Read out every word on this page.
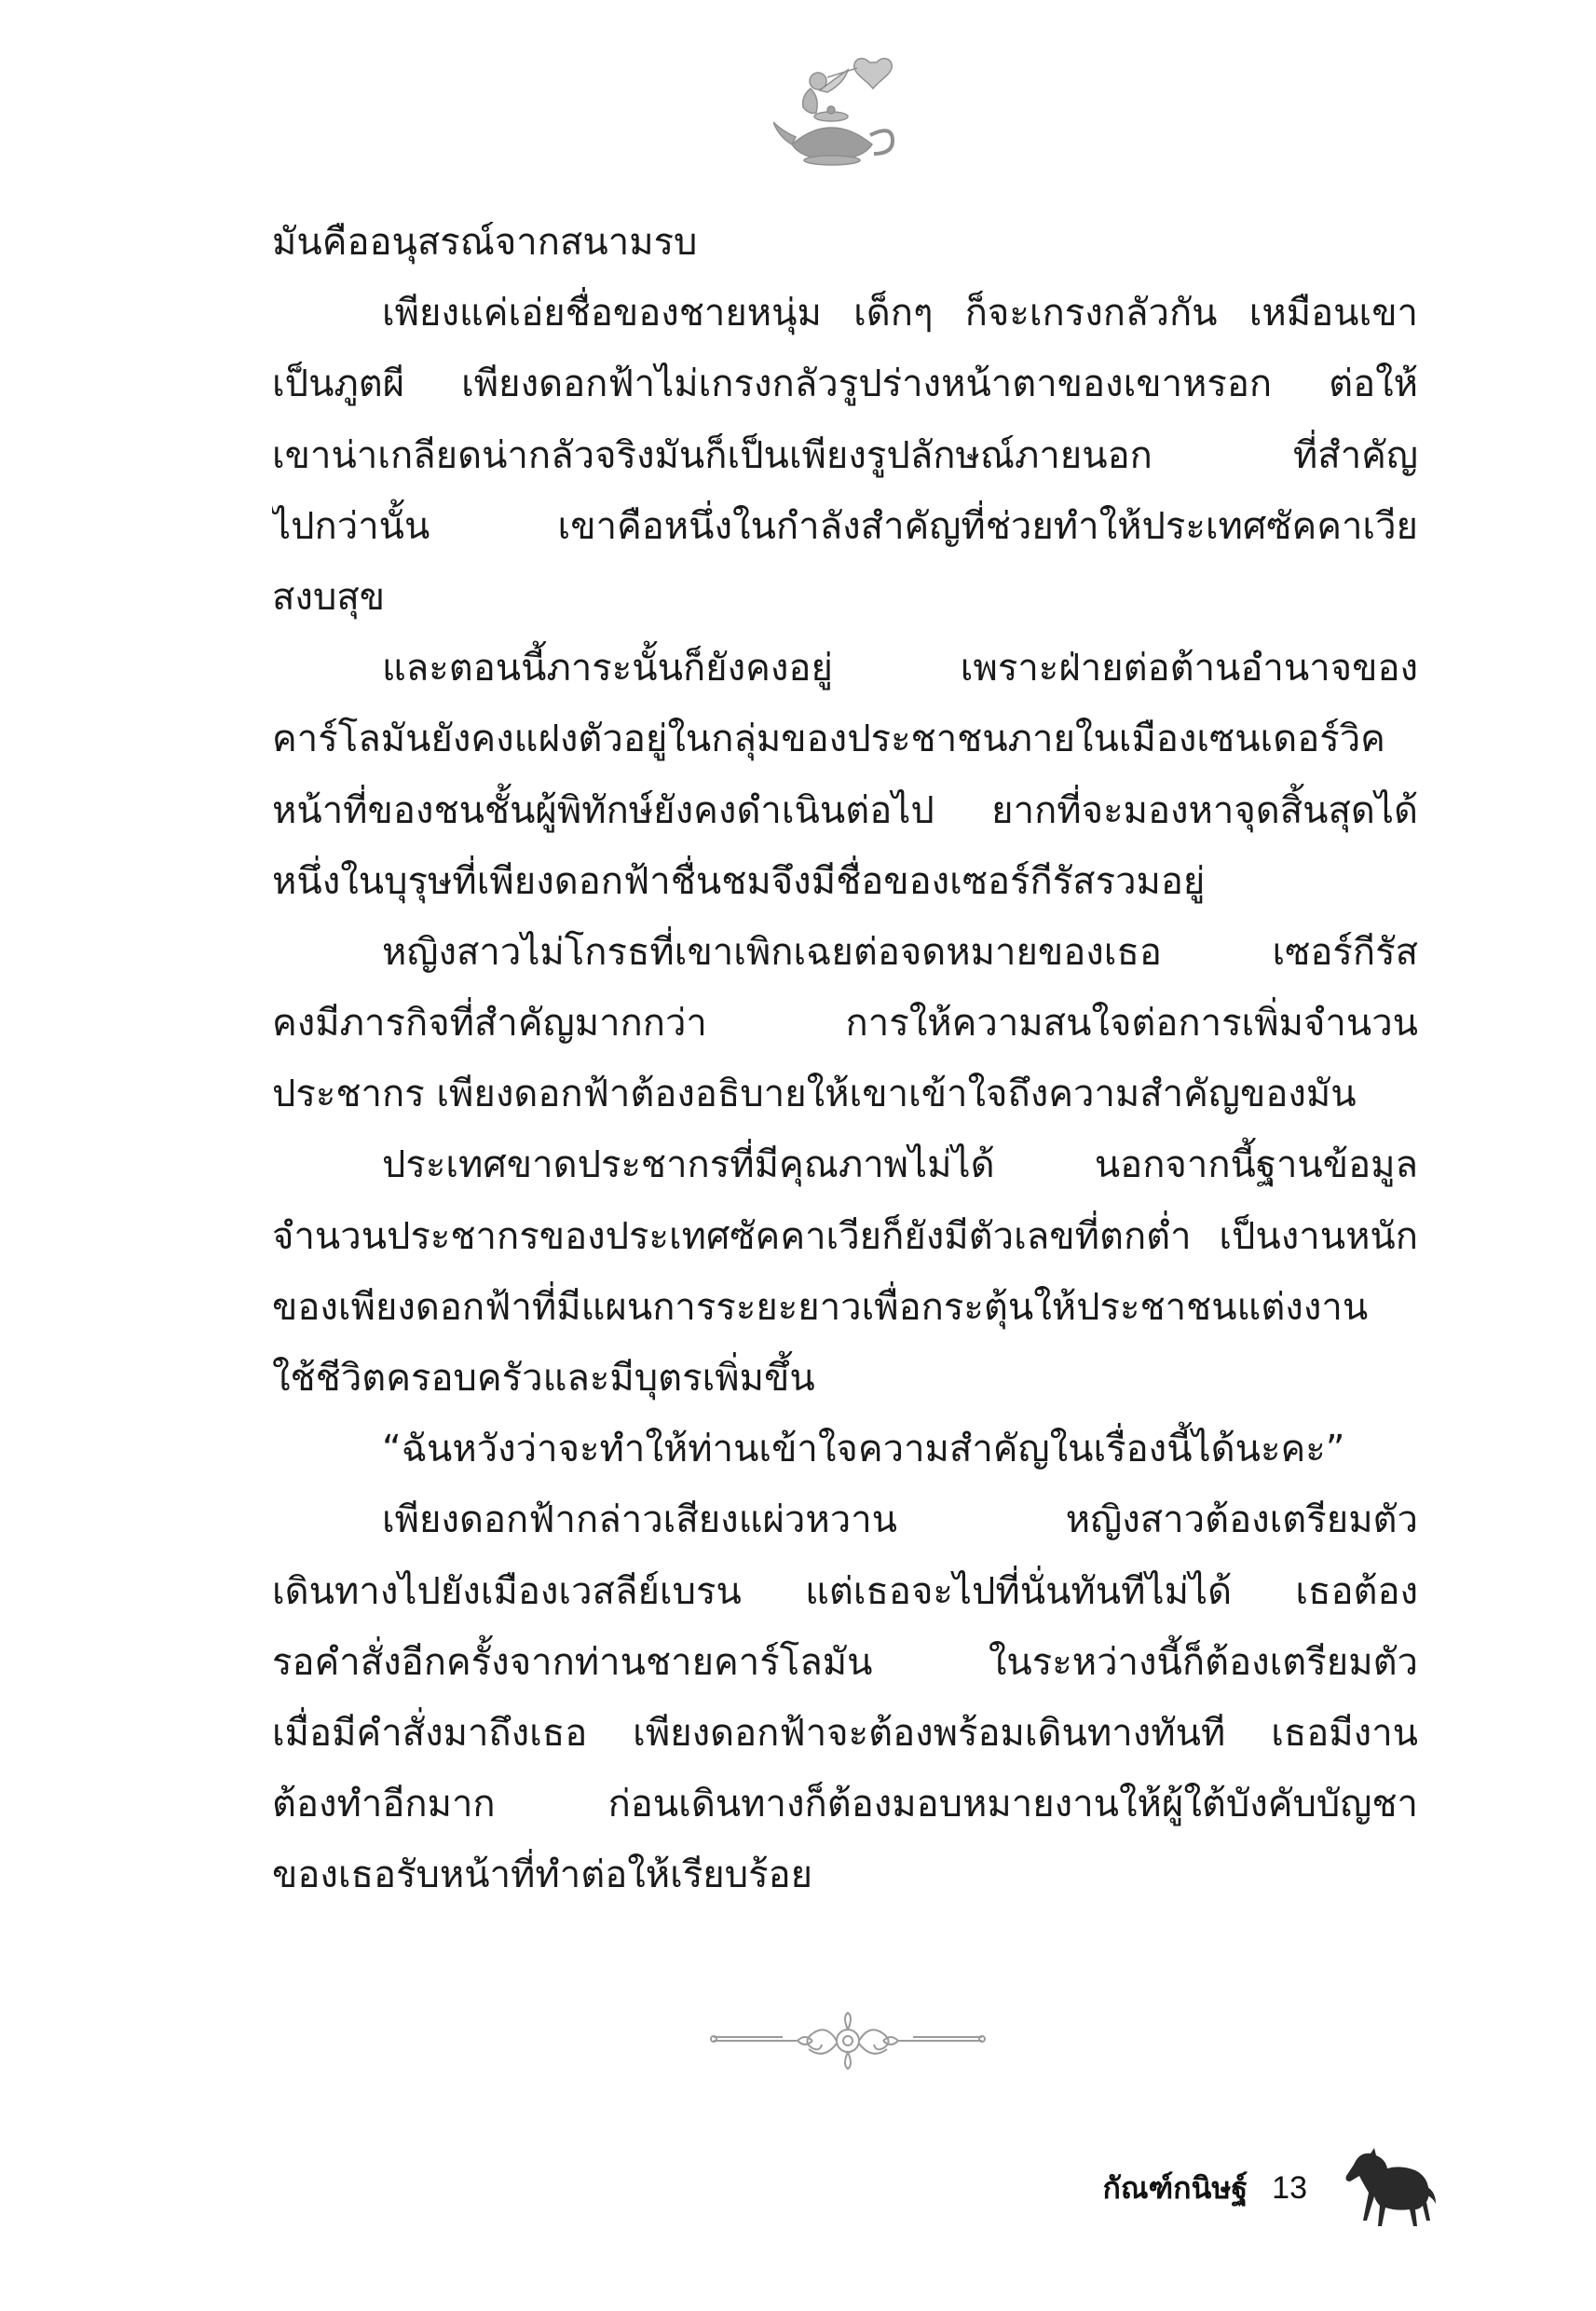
มันคืออนุสรณ์จากสนามรบ
เพียงแค่เอ่ยชื่อของชายหนุ่ม เด็กๆ ก็จะเกรงกลัวกัน เหมือนเขา
เป็นภูตผี เพียงดอกฟ้าไม่เกรงกลัวรูปร่างหน้าตาของเขาหรอก ต่อให้
เขาน่าเกลียดน่ากลัวจริงมันก็เป็นเพียงรูปลักษณ์ภายนอก ที่สำคัญ
ไปกว่านั้น เขาคือหนึ่งในกำลังสำคัญที่ช่วยทำให้ประเทศซัคคาเวีย
สงบสุข
และตอนนี้ภาระนั้นก็ยังคงอยู่ เพราะฝ่ายต่อต้านอำนาจของ
คาร์โลมันยังคงแฝงตัวอยู่ในกลุ่มของประชาชนภายในเมืองเซนเดอร์วิค
หน้าที่ของชนชั้นผู้พิทักษ์ยังคงดำเนินต่อไป ยากที่จะมองหาจุดสิ้นสุดได้
หนึ่งในบุรุษที่เพียงดอกฟ้าชื่นชมจึงมีชื่อของเซอร์กีรัสรวมอยู่
หญิงสาวไม่โกรธที่เขาเพิกเฉยต่อจดหมายของเธอ เซอร์กีรัส
คงมีภารกิจที่สำคัญมากกว่า การให้ความสนใจต่อการเพิ่มจำนวน
ประชากร เพียงดอกฟ้าต้องอธิบายให้เขาเข้าใจถึงความสำคัญของมัน
ประเทศขาดประชากรที่มีคุณภาพไม่ได้ นอกจากนี้ฐานข้อมูล
จำนวนประชากรของประเทศซัคคาเวียก็ยังมีตัวเลขที่ตกต่ำ เป็นงานหนัก
ของเพียงดอกฟ้าที่มีแผนการระยะยาวเพื่อกระตุ้นให้ประชาชนแต่งงาน
ใช้ชีวิตครอบครัวและมีบุตรเพิ่มขึ้น
“ฉันหวังว่าจะทำให้ท่านเข้าใจความสำคัญในเรื่องนี้ได้นะคะ”
เพียงดอกฟ้ากล่าวเสียงแผ่วหวาน หญิงสาวต้องเตรียมตัว
เดินทางไปยังเมืองเวสลีย์เบรน แต่เธอจะไปที่นั่นทันทีไม่ได้ เธอต้อง
รอคำสั่งอีกครั้งจากท่านชายคาร์โลมัน ในระหว่างนี้ก็ต้องเตรียมตัว
เมื่อมีคำสั่งมาถึงเธอ เพียงดอกฟ้าจะต้องพร้อมเดินทางทันที เธอมีงาน
ต้องทำอีกมาก ก่อนเดินทางก็ต้องมอบหมายงานให้ผู้ใต้บังคับบัญชา
ของเธอรับหน้าที่ทำต่อให้เรียบร้อย
กัณฑ์กนิษฐ์ 13
